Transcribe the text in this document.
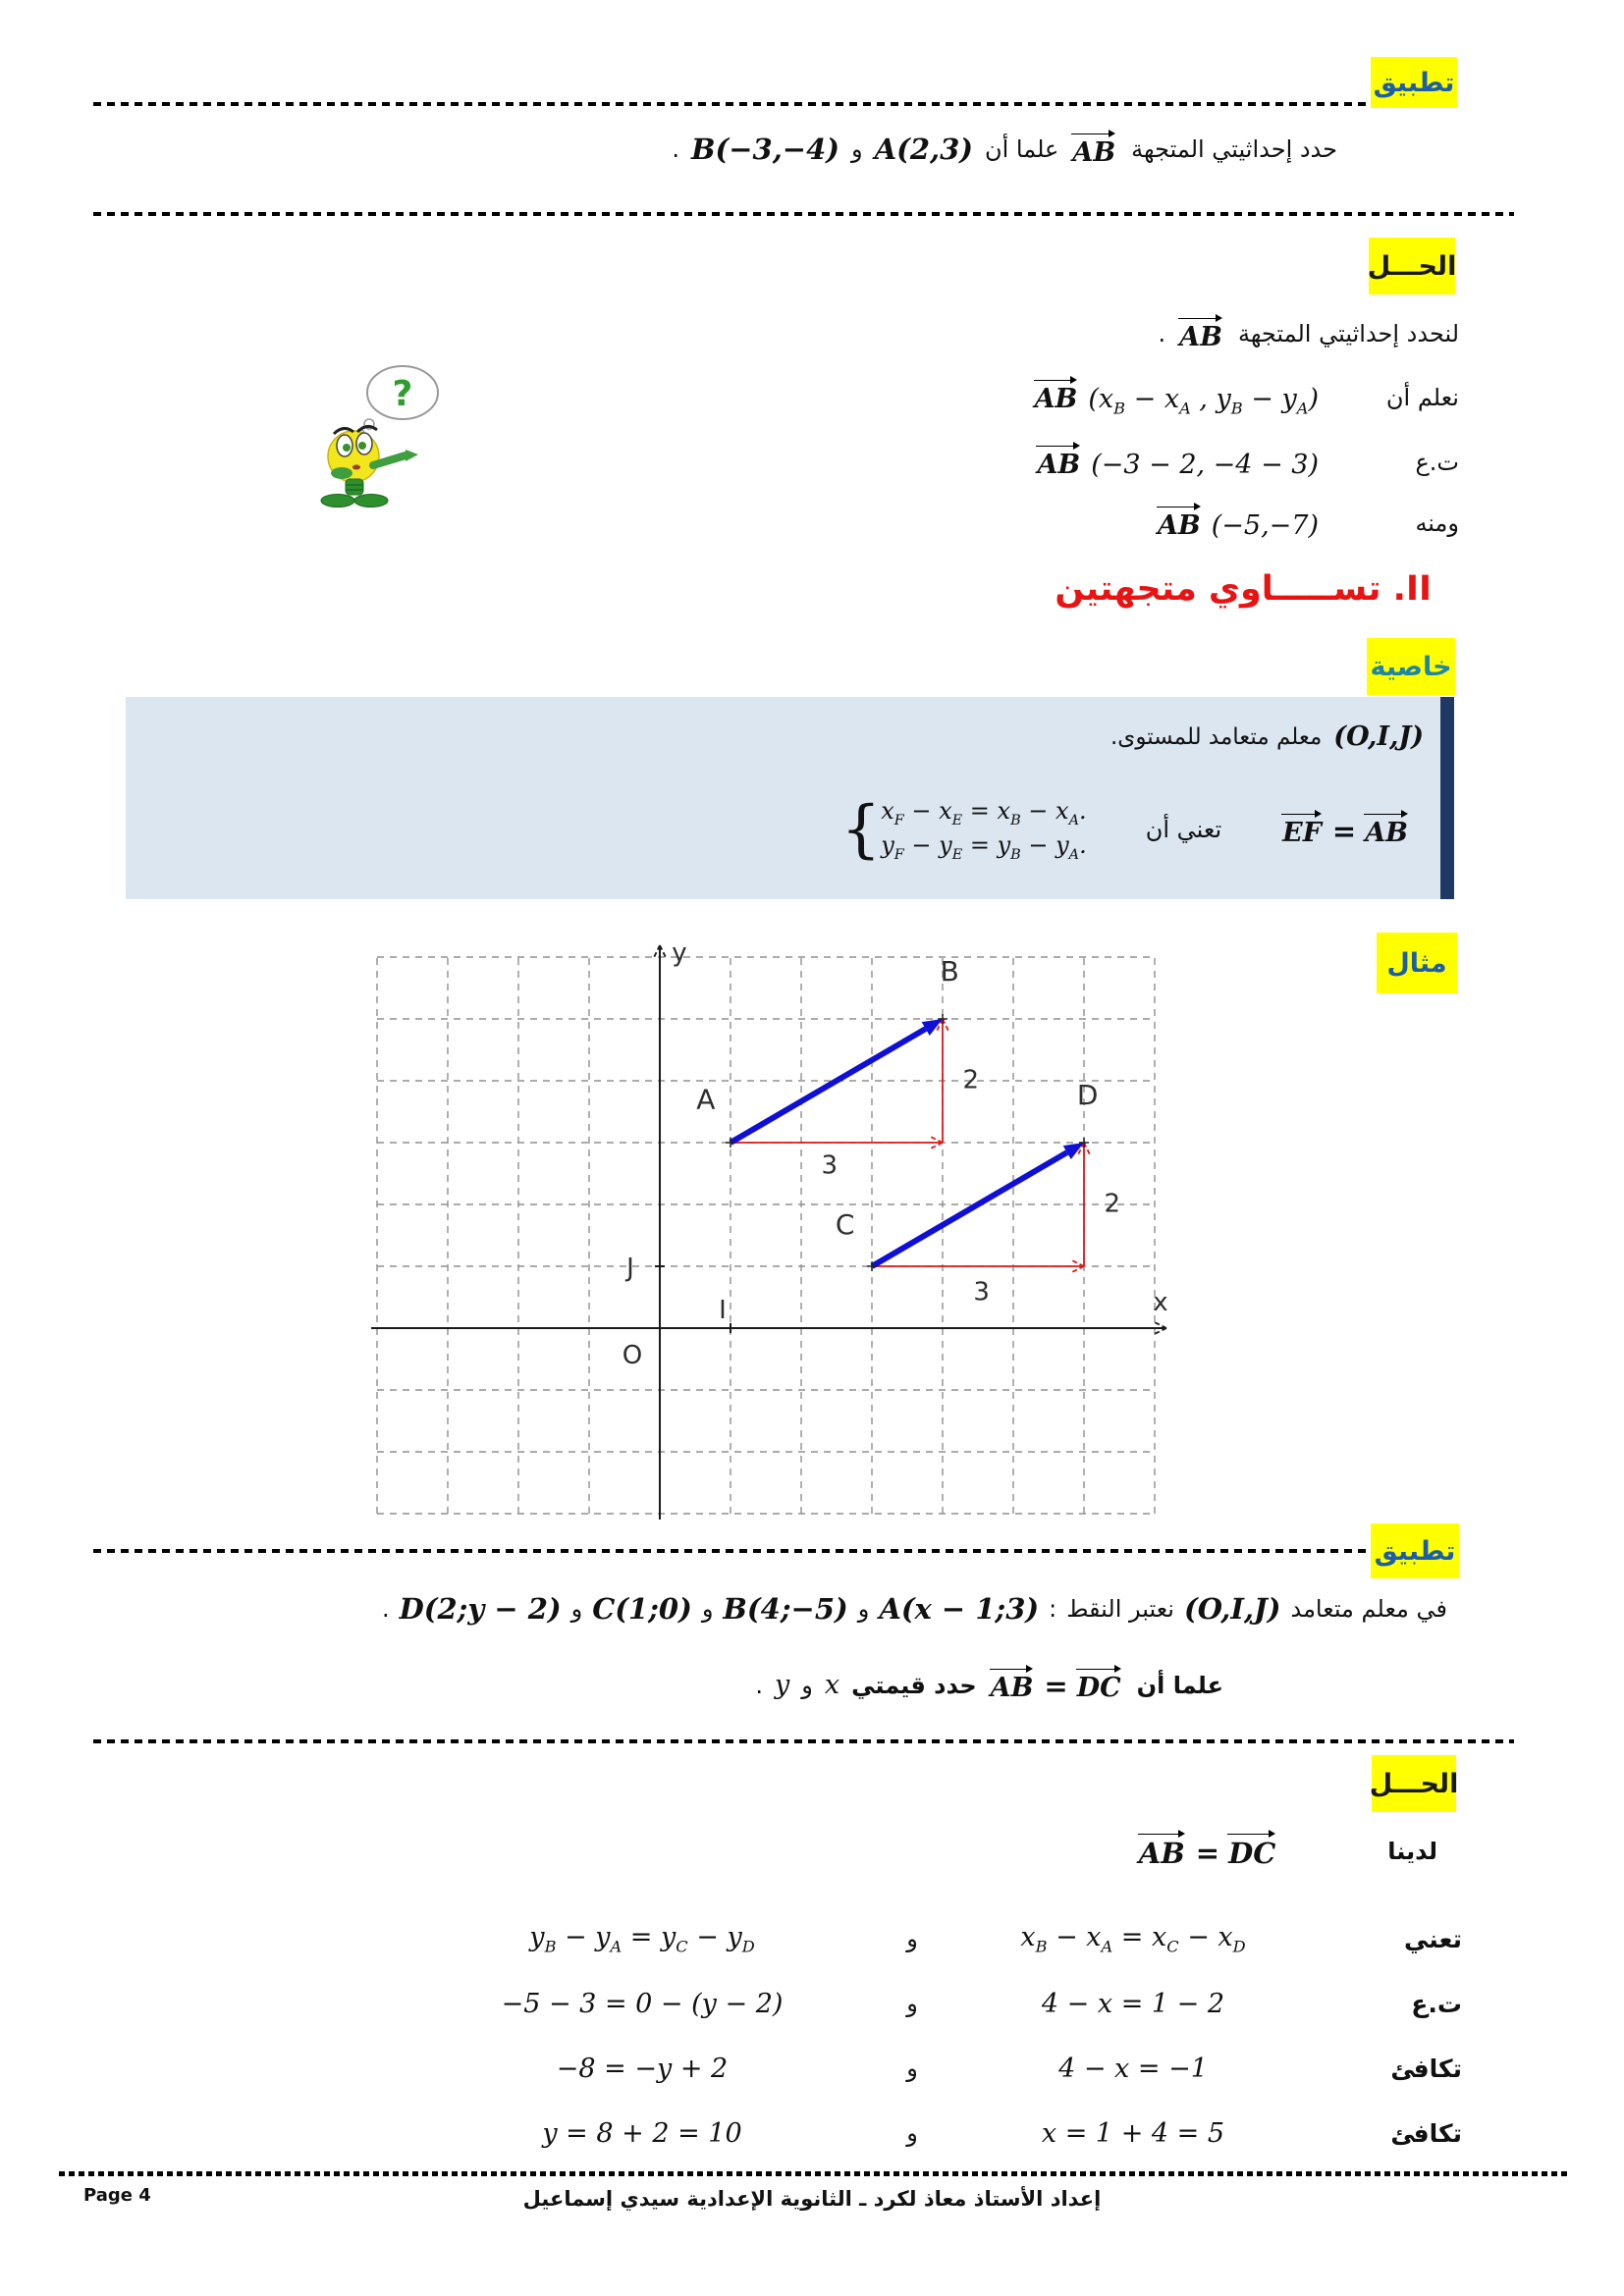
تطبيق
حدد إحداثيتي المتجهة
AB
علما أن
A(2,3)
و
B(−3,−4)
.
الحـــل
لنحدد إحداثيتي المتجهة
AB
.
نعلم أن
AB ($x_B - x_A$ , $y_B - y_A$)
ت.ع
AB (−3 − 2, −4 − 3)
ومنه
AB (−5,−7)
?
II. تســـــاوي متجهتين
خاصية
(O,I,J)
معلم متعامد للمستوى.
EF = AB
تعني أن
{ $x_F - x_E = x_B - x_A$.
$y_F - y_E = y_B - y_A$.
مثال
x
y
O
I
J
3
2
3
2
A
B
C
D
تطبيق
في معلم متعامد
(O,I,J)
نعتبر النقط
:
A(x − 1;3)
و
B(4;−5)
و
C(1;0)
و
D(2;y − 2)
.
علما أن
AB = DC
حدد قيمتي
x
و
y
.
الحـــل
لدينا
AB = DC
تعني
$x_B - x_A = x_C - x_D$
و
$y_B - y_A = y_C - y_D$
ت.ع
4 − x = 1 − 2
و
−5 − 3 = 0 − (y − 2)
تكافئ
4 − x = −1
و
−8 = −y + 2
تكافئ
x = 1 + 4 = 5
و
y = 8 + 2 = 10
Page 4	إعداد الأستاذ معاذ لكرد ـ الثانوية الإعدادية سيدي إسماعيل
